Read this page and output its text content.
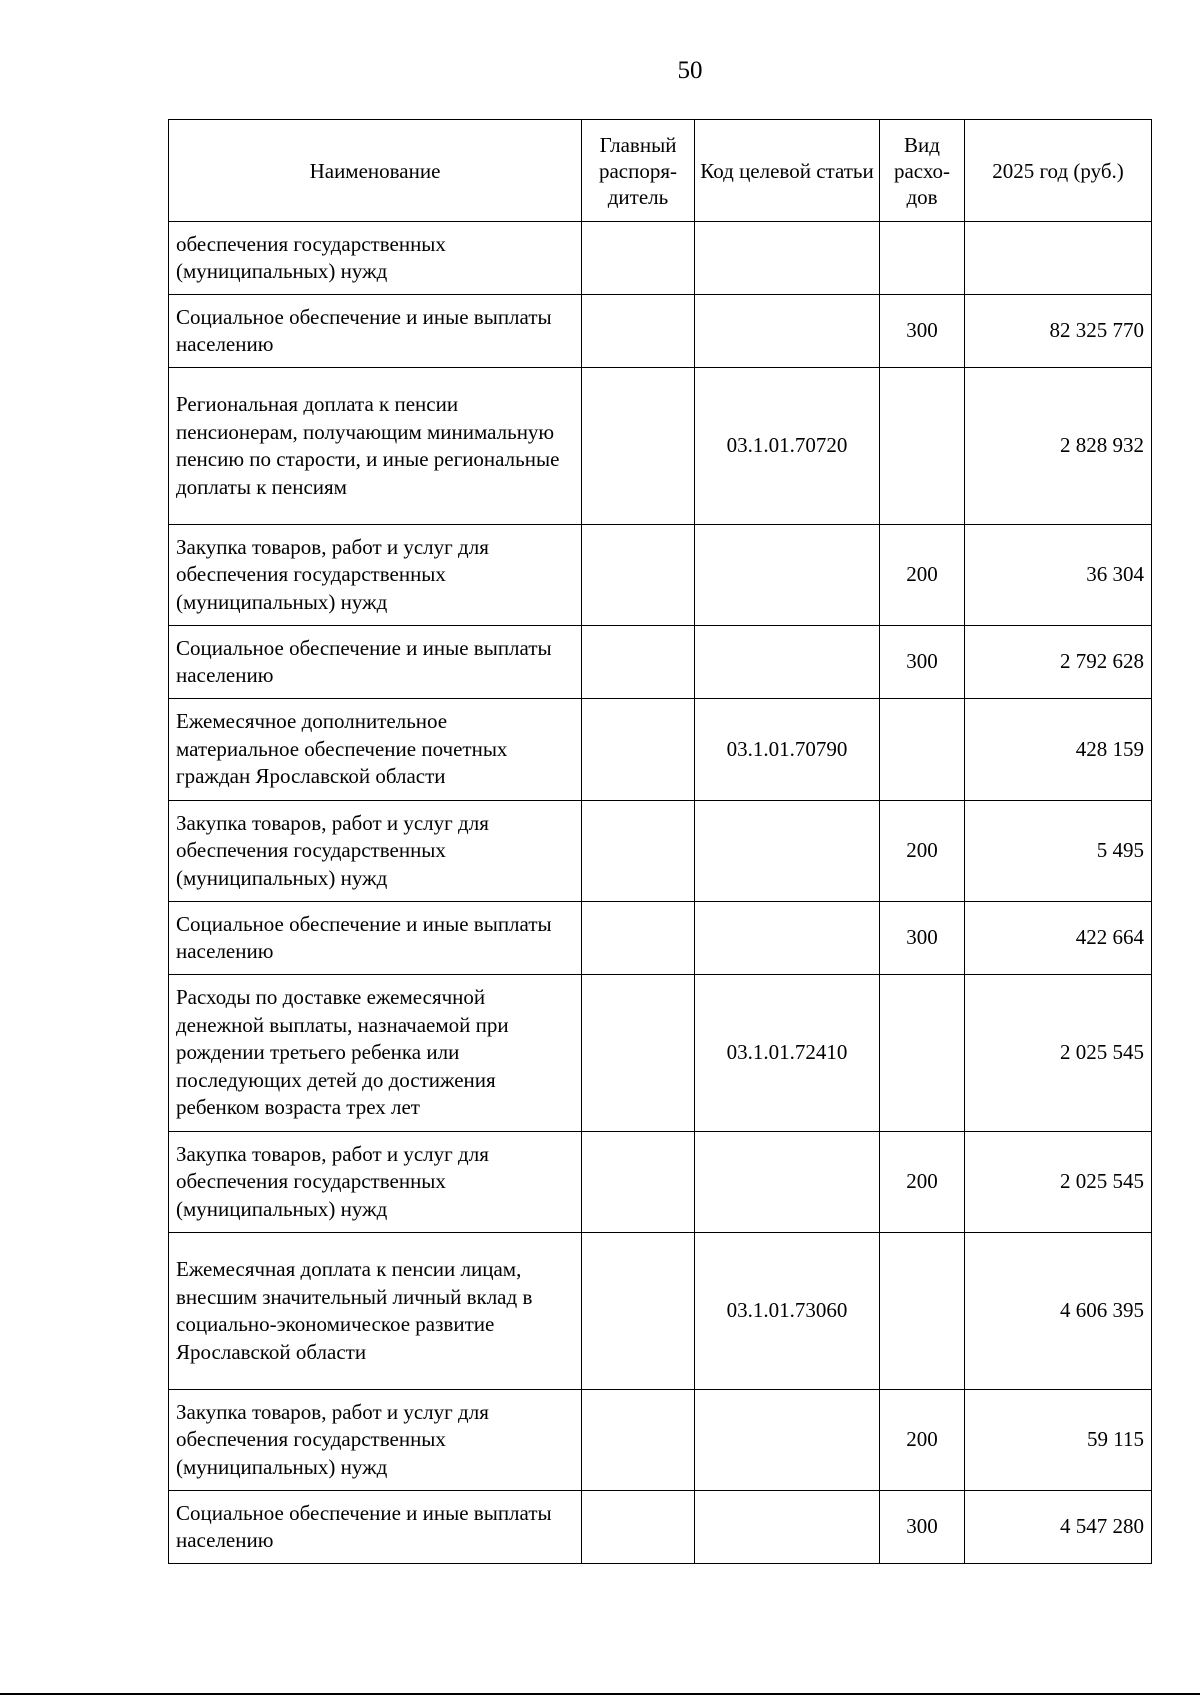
50
Наименование	Главный распоря-дитель	Код целевой статьи	Вид расхо-дов	2025 год (руб.)
обеспечения государственных (муниципальных) нужд				
Социальное обеспечение и иные выплаты населению			300	82 325 770
Региональная доплата к пенсии пенсионерам, получающим минимальную пенсию по старости, и иные региональные доплаты к пенсиям		03.1.01.70720		2 828 932
Закупка товаров, работ и услуг для обеспечения государственных (муниципальных) нужд			200	36 304
Социальное обеспечение и иные выплаты населению			300	2 792 628
Ежемесячное дополнительное материальное обеспечение почетных граждан Ярославской области		03.1.01.70790		428 159
Закупка товаров, работ и услуг для обеспечения государственных (муниципальных) нужд			200	5 495
Социальное обеспечение и иные выплаты населению			300	422 664
Расходы по доставке ежемесячной денежной выплаты, назначаемой при рождении третьего ребенка или последующих детей до достижения ребенком возраста трех лет		03.1.01.72410		2 025 545
Закупка товаров, работ и услуг для обеспечения государственных (муниципальных) нужд			200	2 025 545
Ежемесячная доплата к пенсии лицам, внесшим значительный личный вклад в социально-экономическое развитие Ярославской области		03.1.01.73060		4 606 395
Закупка товаров, работ и услуг для обеспечения государственных (муниципальных) нужд			200	59 115
Социальное обеспечение и иные выплаты населению			300	4 547 280
